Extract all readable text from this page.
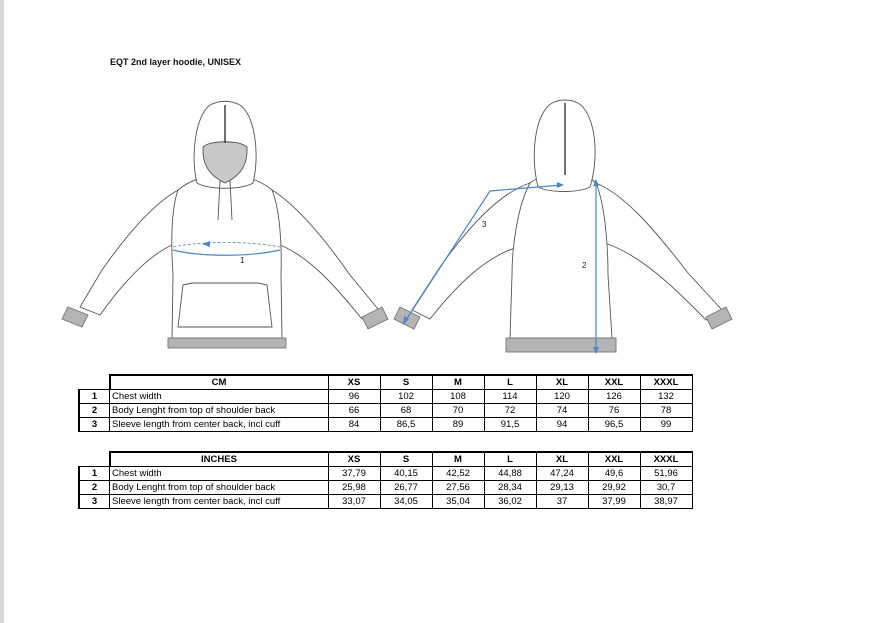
EQT 2nd layer hoodie, UNISEX
1
3
2
	CM	XS	S	M	L	XL	XXL	XXXL
1	Chest width	96	102	108	114	120	126	132
2	Body Lenght from top of shoulder back	66	68	70	72	74	76	78
3	Sleeve length from center back, incl cuff	84	86,5	89	91,5	94	96,5	99
	INCHES	XS	S	M	L	XL	XXL	XXXL
1	Chest width	37,79	40,15	42,52	44,88	47,24	49,6	51,96
2	Body Lenght from top of shoulder back	25,98	26,77	27,56	28,34	29,13	29,92	30,7
3	Sleeve length from center back, incl cuff	33,07	34,05	35,04	36,02	37	37,99	38,97
